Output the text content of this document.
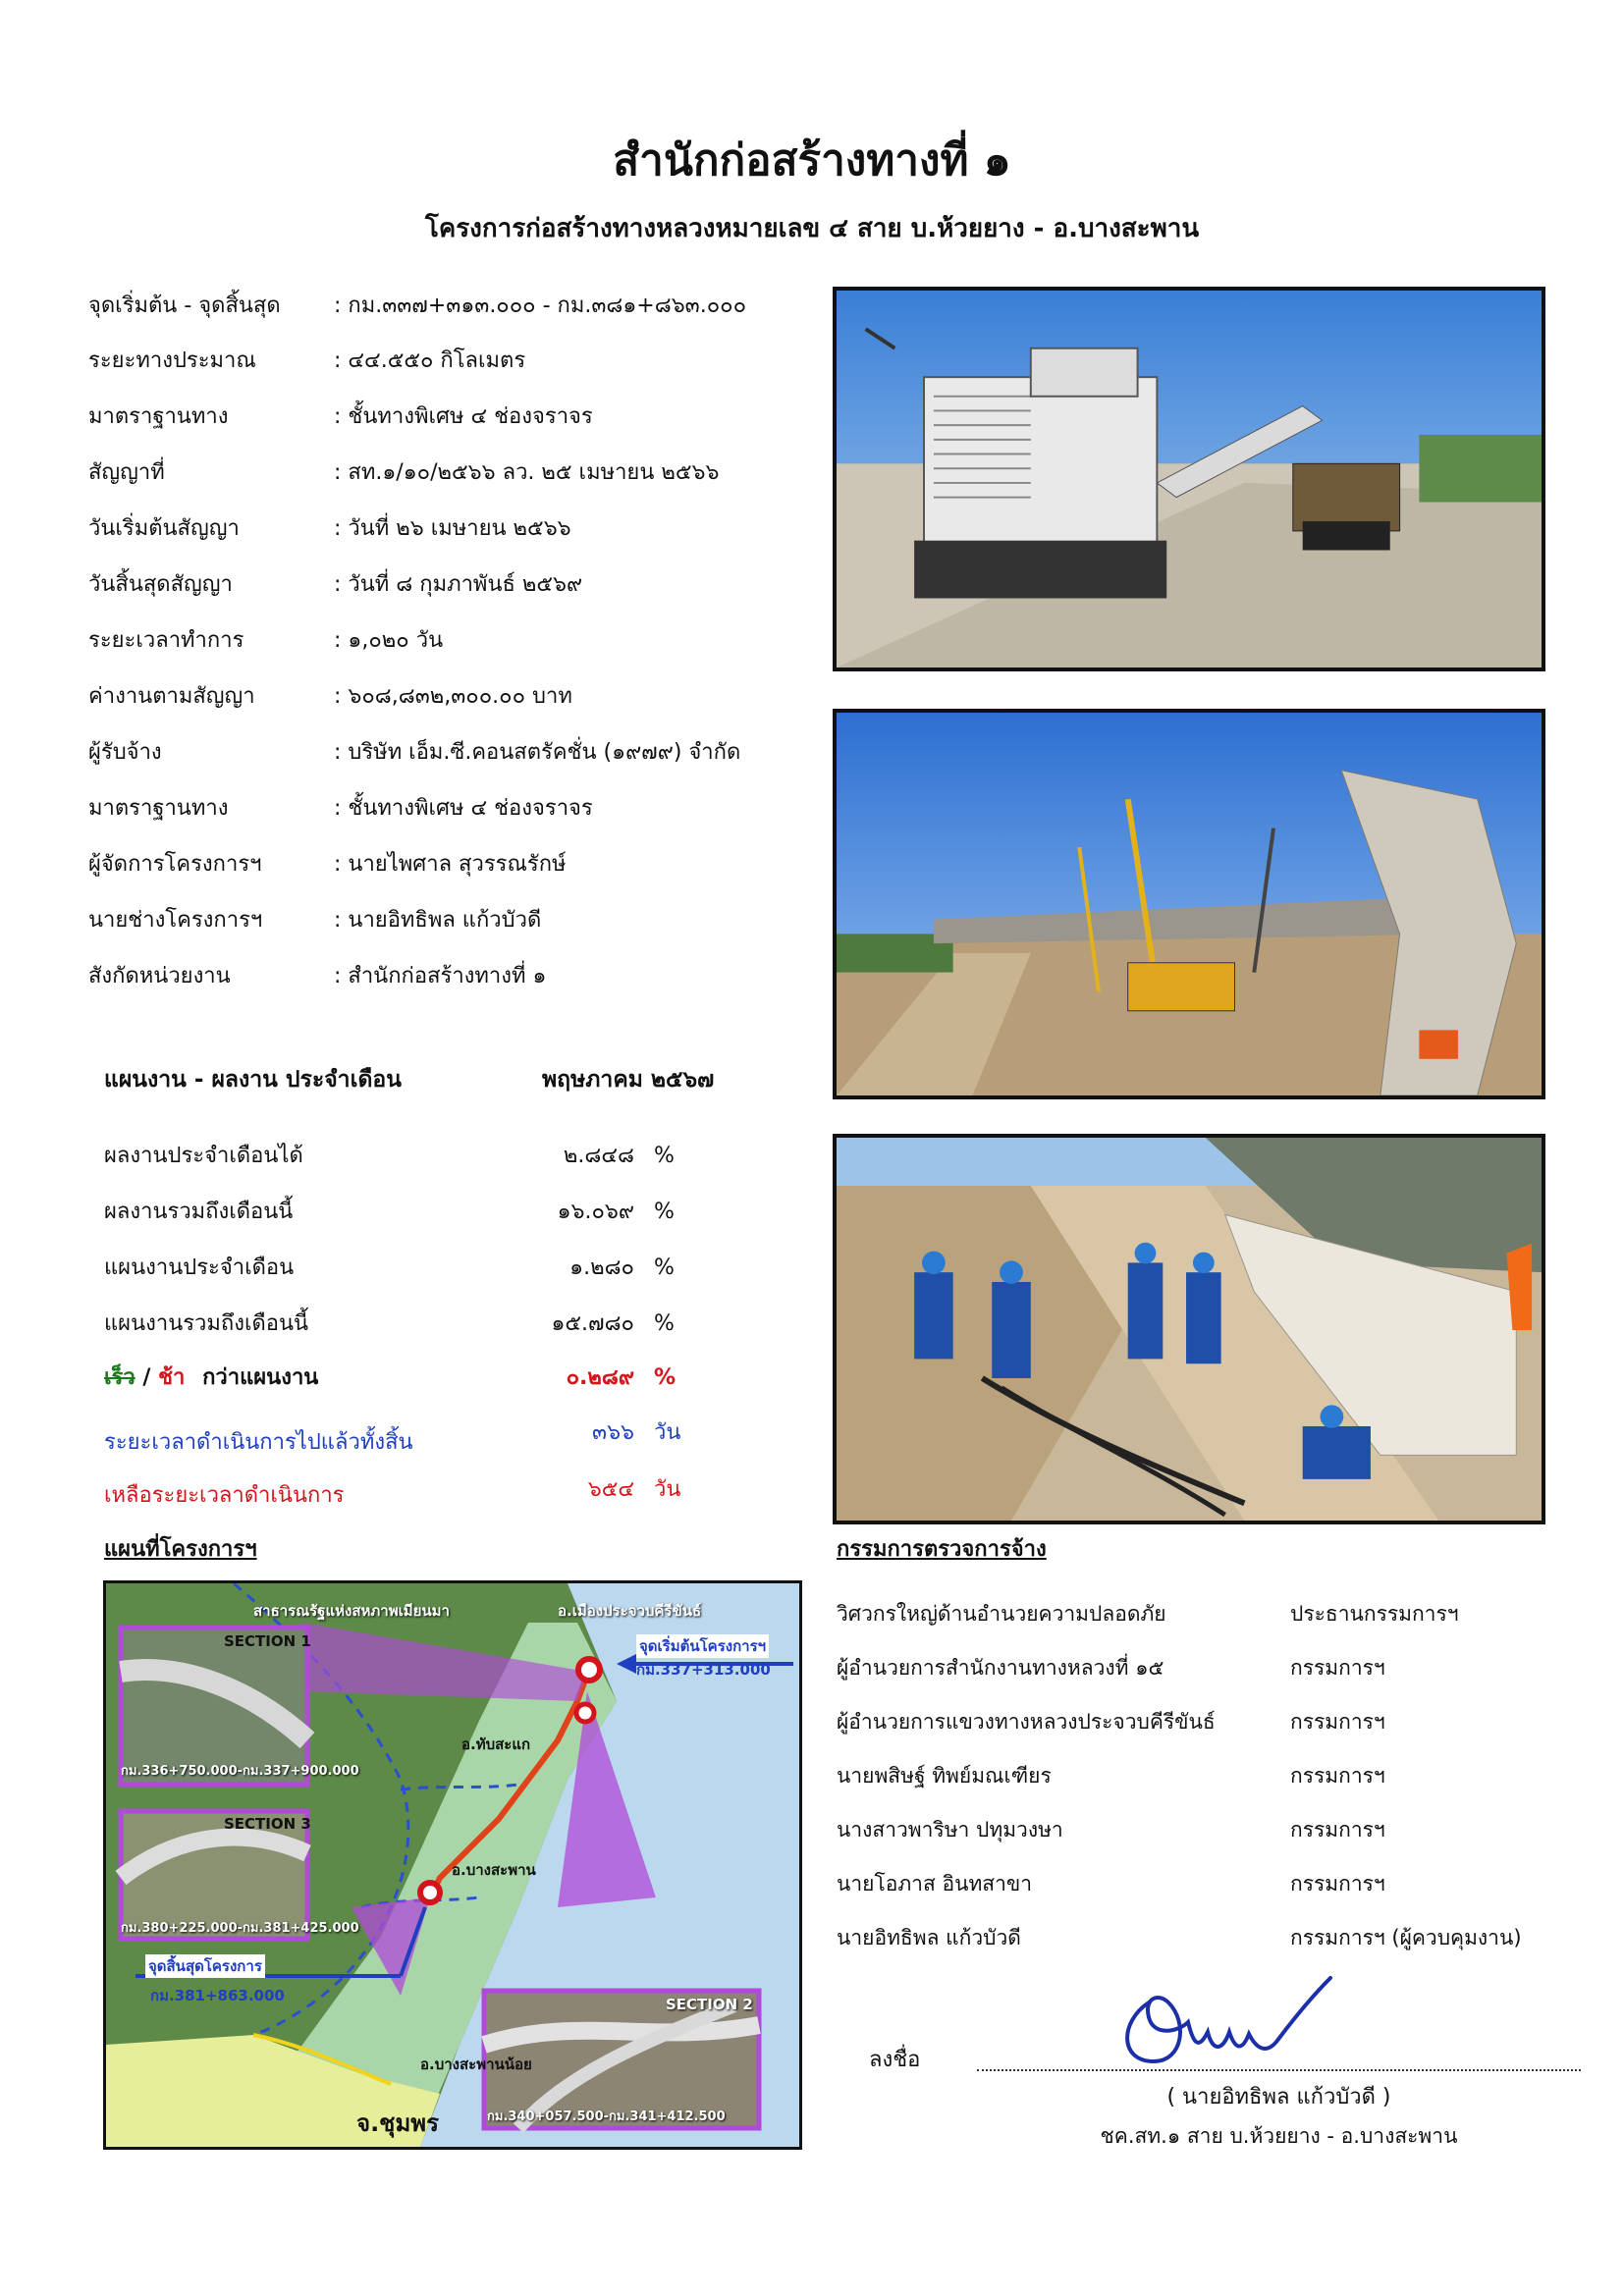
สำนักก่อสร้างทางที่ ๑
โครงการก่อสร้างทางหลวงหมายเลข ๔ สาย บ.ห้วยยาง - อ.บางสะพาน
จุดเริ่มต้น - จุดสิ้นสุด	: กม.๓๓๗+๓๑๓.๐๐๐ - กม.๓๘๑+๘๖๓.๐๐๐
ระยะทางประมาณ	: ๔๔.๕๕๐ กิโลเมตร
มาตราฐานทาง	: ชั้นทางพิเศษ ๔ ช่องจราจร
สัญญาที่	: สท.๑/๑๐/๒๕๖๖ ลว. ๒๕ เมษายน ๒๕๖๖
วันเริ่มต้นสัญญา	: วันที่ ๒๖ เมษายน ๒๕๖๖
วันสิ้นสุดสัญญา	: วันที่ ๘ กุมภาพันธ์ ๒๕๖๙
ระยะเวลาทำการ	: ๑,๐๒๐ วัน
ค่างานตามสัญญา	: ๖๐๘,๘๓๒,๓๐๐.๐๐ บาท
ผู้รับจ้าง	: บริษัท เอ็ม.ซี.คอนสตรัคชั่น (๑๙๗๙) จำกัด
มาตราฐานทาง	: ชั้นทางพิเศษ ๔ ช่องจราจร
ผู้จัดการโครงการฯ	: นายไพศาล สุวรรณรักษ์
นายช่างโครงการฯ	: นายอิทธิพล แก้วบัวดี
สังกัดหน่วยงาน	: สำนักก่อสร้างทางที่ ๑
แผนงาน - ผลงาน ประจำเดือน	พฤษภาคม ๒๕๖๗
ผลงานประจำเดือนได้	๒.๘๔๘ %
ผลงานรวมถึงเดือนนี้	๑๖.๐๖๙ %
แผนงานประจำเดือน	๑.๒๘๐ %
แผนงานรวมถึงเดือนนี้	๑๕.๗๘๐ %
เร็ว / ช้า กว่าแผนงาน	๐.๒๘๙ %
ระยะเวลาดำเนินการไปแล้วทั้งสิ้น	๓๖๖ วัน
เหลือระยะเวลาดำเนินการ	๖๕๔ วัน
แผนที่โครงการฯ
สาธารณรัฐแห่งสหภาพเมียนมา	อ.เมืองประจวบคีรีขันธ์
จุดเริ่มต้นโครงการฯ
กม.337+313.000
SECTION 1
กม.336+750.000-กม.337+900.000
อ.ทับสะแก
SECTION 3
กม.380+225.000-กม.381+425.000
อ.บางสะพาน
SECTION 2
กม.340+057.500-กม.341+412.500
จุดสิ้นสุดโครงการ
กม.381+863.000
อ.บางสะพานน้อย
จ.ชุมพร
กรรมการตรวจการจ้าง
วิศวกรใหญ่ด้านอำนวยความปลอดภัย	ประธานกรรมการฯ
ผู้อำนวยการสำนักงานทางหลวงที่ ๑๕	กรรมการฯ
ผู้อำนวยการแขวงทางหลวงประจวบคีรีขันธ์	กรรมการฯ
นายพสิษฐ์ ทิพย์มณเฑียร	กรรมการฯ
นางสาวพาริษา ปทุมวงษา	กรรมการฯ
นายโอภาส อินทสาขา	กรรมการฯ
นายอิทธิพล แก้วบัวดี	กรรมการฯ (ผู้ควบคุมงาน)
ลงชื่อ
( นายอิทธิพล แก้วบัวดี )
ชค.สท.๑ สาย บ.ห้วยยาง - อ.บางสะพาน
